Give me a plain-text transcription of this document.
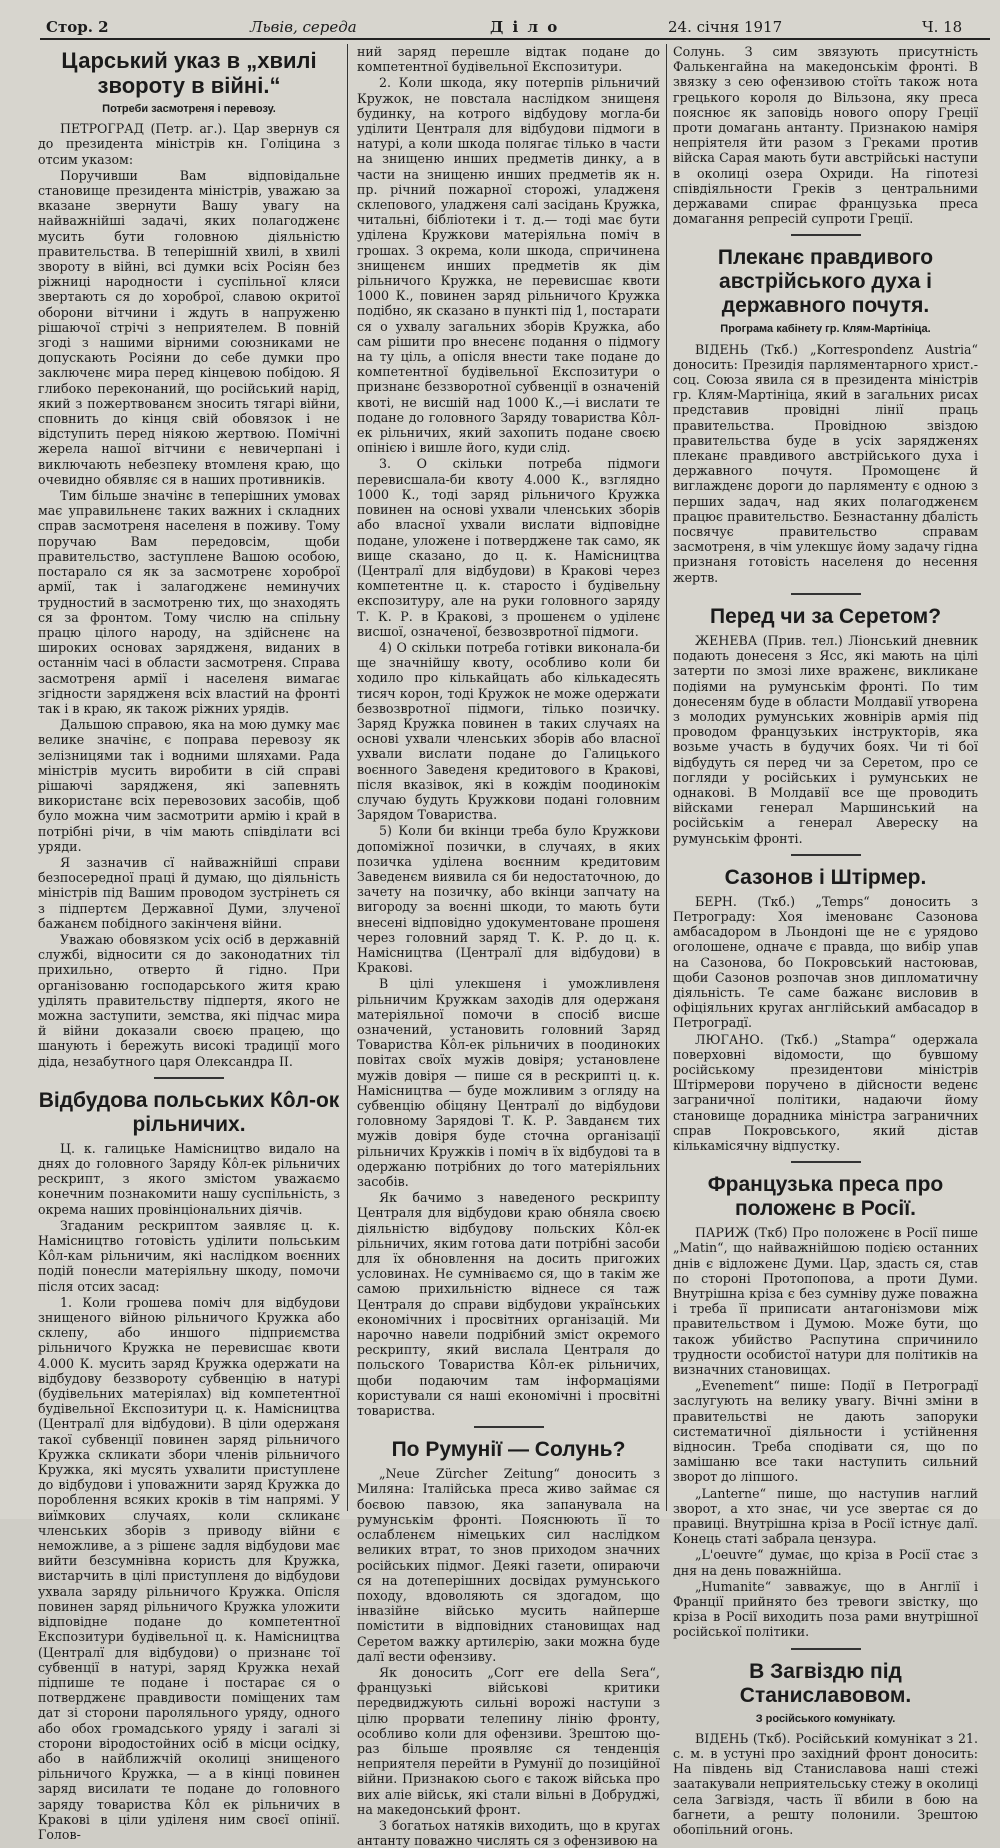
Стор. 2	Львів, середа	Д і л о	24. січня 1917	Ч. 18
Царський указ в „хвилі звороту в війні.“
Потреби засмотреня і перевозу.

ПЕТРОГРАД (Петр. аг.). Цар звернув ся до президента міністрів кн. Голіцина з отсим указом:

Поручивши Вам відповідальне становище президента міністрів, уважаю за вказане звернути Вашу увагу на найважнійші задачі, яких полагодженє мусить бути головною діяльністю правительства. В теперішній хвилі, в хвилі звороту в війні, всі думки всіх Росіян без ріжниці народности і суспільної кляси звертають ся до хороброї, славою окритої оборони вітчини і ждуть в напруженю рішаючої стрічі з неприятелем. В повній згоді з нашими вірними союзниками не допускають Росіяни до себе думки про заключенє мира перед кінцевою побідою. Я глибоко переконаний, що російський нарід, який з пожертвованєм зносить тягарі війни, сповнить до кінця свій обовязок і не відступить перед ніякою жертвою. Помічні жерела нашої вітчини є невичерпані і виключають небезпеку втомленя краю, що очевидно обявляє ся в наших противників.

Тим більше значінє в теперішних умовах має управильненє таких важних і складних справ засмотреня населеня в поживу. Тому поручаю Вам передовсім, щоби правительство, заступлене Вашою особою, постарало ся як за засмотренє хороброї армії, так і залагодженє неминучих трудностий в засмотреню тих, що знаходять ся за фронтом. Тому числю на спільну працю цілого народу, на здійсненє на широких основах зарядженя, виданих в останнім часі в области засмотреня. Справа засмотреня армії і населеня вимагає згідности зарядженя всіх властий на фронті так і в краю, як також ріжних урядів.

Дальшою справою, яка на мою думку має велике значінє, є поправа перевозу як зелізницями так і водними шляхами. Рада міністрів мусить виробити в сій справі рішаючі зарядженя, які запевнять використанє всіх перевозових засобів, щоб було можна чим засмотрити армію і край в потрібні річи, в чім мають співділати всі уряди.

Я зазначив сї найважнійші справи безпосередної праці й думаю, що діяльність міністрів під Вашим проводом зустрінеть ся з підпертєм Державної Думи, злученої бажанєм побідного закінченя війни.

Уважаю обовязком усіх осіб в державній службі, відносити ся до законодатних тіл прихильно, отверто й гідно. При організованю господарського житя краю уділять правительству підпертя, якого не можна заступити, земства, які підчас мира й війни доказали своєю працею, що шанують і бережуть високі традиції мого діда, незабутного царя Олександра II.

Відбудова польських Кôл-ок рільничих.

Ц. к. галицьке Намісництво видало на днях до головного Заряду Кôл-ек рільничих рескрипт, з якого змістом уважаємо конечним познакомити нашу суспільність, з окрема наших провінціональних діячів.

Згаданим рескриптом заявляє ц. к. Намісництво готовість уділити польським Кôл-кам рільничим, які наслідком воєнних подій понесли матеріяльну шкоду, помочи після отсих засад:

1. Коли грошева поміч для відбудови знищеного війною рільничого Кружка або склепу, або иншого підприємства рільничого Кружка не перевисшає квоти 4.000 К. мусить заряд Кружка одержати на відбудову беззвороту субвенцію в натурі (будівельних матеріялах) від компетентної будівельної Експозитури ц. к. Намісництва (Централї для відбудови). В ціли одержаня такої субвенції повинен заряд рільничого Кружка скликати збори членів рільничого Кружка, які мусять ухвалити приступлене до відбудови і уповажнити заряд Кружка до пороблення всяких кроків в тім напрямі. У виїмкових случаях, коли скликанє членських зборів з приводу війни є неможливе, а з рішенє задля відбудови має вийти безсумнівна користь для Кружка, вистарчить в цілі приступленя до відбудови ухвала заряду рільничого Кружка. Опісля повинен заряд рільничого Кружка уложити відповідне подане до компетентної Експозитури будівельної ц. к. Намісництва (Централї для відбудови) о признанє тої субвенції в натурі, заряд Кружка нехай підпише те подане і постарає ся о потвердженє правдивости поміщених там дат зі сторони пароляльного уряду, одного або обох громадського уряду і загалі зі сторони віродостойних осіб в місци осідку, або в найближчій околиці знищеного рільничого Кружка, — а в кінці повинен заряд висилати те подане до головного заряду товариства Кôл ек рільничих в Кракові в ціли уділеня ним своєї опінії. Голов-

ний заряд перешле відтак подане до компетентної будівельної Експозитури.

2. Коли шкода, яку потерпів рільничий Кружок, не повстала наслідком знищеня будинку, на котрого відбудову могла-би уділити Централя для відбудови підмоги в натурі, а коли шкода полягає тілько в части на знищеню инших предметів динку, а в части на знищеню инших предметів як н. пр. річний пожарної сторожі, уладженя склепового, уладженя салі засідань Кружка, читальні, бібліотеки і т. д.— тоді має бути уділена Кружкови матеріяльна поміч в грошах. З окрема, коли шкода, спричинена знищенєм инших предметів як дім рільничого Кружка, не перевисшає квоти 1000 К., повинен заряд рільничого Кружка подібно, як сказано в пункті під 1, постарати ся о ухвалу загальних зборів Кружка, або сам рішити про внесенє подання о підмогу на ту ціль, а опісля внести таке подане до компетентної будівельної Експозитури о признанє беззворотної субвенції в означеній квоті, не висшій над 1000 К.,—і вислати те подане до головного Заряду товариства Кôл-ек рільничих, який захопить подане своєю опінією і вишле його, куди слід.

3. О скільки потреба підмоги перевисшала-би квоту 4.000 К., взглядно 1000 К., тоді заряд рільничого Кружка повинен на основі ухвали членських зборів або власної ухвали вислати відповідне подане, уложене і потверджене так само, як вище сказано, до ц. к. Намісництва (Централї для відбудови) в Кракові через компетентне ц. к. старосто і будівельну експозитуру, але на руки головного заряду Т. К. Р. в Кракові, з прошенєм о уділенє висшої, означеної, безвозвротної підмоги.

4) О скільки потреба готівки виконала-би ще значнійшу квоту, особливо коли би ходило про кількайцать або кількадесять тисяч корон, тоді Кружок не може одержати безвозвротної підмоги, тілько позичку. Заряд Кружка повинен в таких случаях на основі ухвали членських зборів або власної ухвали вислати подане до Галицького воєнного Заведеня кредитового в Кракові, після вказівок, які в кождім поодинокім случаю будуть Кружкови подані головним Зарядом Товариства.

5) Коли би вкінци треба було Кружкови допоміжної позички, в случаях, в яких позичка уділена воєнним кредитовим Заведенєм виявила ся би недостаточною, до зачету на позичку, або вкінци запчату на вигороду за воєнні шкоди, то мають бути внесені відповідно удокументоване прошеня через головний заряд Т. К. Р. до ц. к. Намісництва (Централї для відбудови) в Кракові.

В цілі улекшеня і уможливленя рільничим Кружкам заходів для одержаня матеріяльної помочи в спосіб висше означений, установить головний Заряд Товариства Кôл-ек рільничих в поодиноких повітах своїх мужів довіря; установлене мужів довіря — пише ся в рескрипті ц. к. Намісництва — буде можливим з огляду на субвенцію обіцяну Централї до відбудови головному Зарядові Т. К. Р. Завданєм тих мужів довіря буде сточна організації рільничих Кружків і поміч в їх відбудові та в одержаню потрібних до того матеріяльних засобів.

Як бачимо з наведеного рескрипту Централя для відбудови краю обняла своєю діяльністю відбудову польских Кôл-ек рільничих, яким готова дати потрібні засоби для їх обновлення на досить пригожих условинах. Не сумніваємо ся, що в такім же самою прихильністю віднесе ся таж Централя до справи відбудови українських економічних і просвітних організацій. Ми нарочно навели подрібний зміст окремого рескрипту, який вислала Централя до польского Товариства Кôл-ек рільничих, щоби подаючим там інформаціями користували ся наші економічні і просвітні товариства.

По Румунії — Солунь?

„Neue Zürcher Zeitung“ доносить з Миляна: Італійська преса живо займає ся боєвою павзою, яка запанувала на румунськім фронті. Пояснюють її то ослабленєм німецьких сил наслідком великих втрат, то знов приходом значних російських підмог. Деякі газети, опираючи ся на дотеперішних досвідах румунського походу, вдоволяють ся здогадом, що інвазійне військо мусить найперше помістити в відповідних становищах над Серетом важку артилєрію, заки можна буде далї вести офензиву.

Як доносить „Corr ere della Sera“, французькі військові критики передвиджують сильні ворожі наступи з цілю прорвати телепину лінію фронту, особливо коли для офензиви. Зрештою що-раз більше проявляє ся тенденція неприятеля перейти в Румунії до позиційної війни. Признакою сього є також війська про вих аліе військ, які стали вільні в Добруджі, на македонський фронт.

З богатьох натяків виходить, що в кругах антанту поважно числять ся з офензивою на

Солунь. З сим звязують присутність Фалькенгайна на македонськім фронті. В звязку з сею офензивою стоїть також нота грецького короля до Вільзона, яку преса пояснює як заповідь нового опору Греції проти домагань антанту. Признакою наміря непріятеля йти разом з Греками против війска Сарая мають бути австрійські наступи в околиці озера Охриди. На гіпотезі співдіяльности Греків з центральними державами спирає французька преса домагання репресій супроти Греції.

Плеканє правдивого австрійського духа і державного почутя.
Програма кабінету гр. Клям-Мартініца.

ВІДЕНЬ (Ткб.) „Korrespondenz Austria“ доносить: Президія парляментарного христ.-соц. Союза явила ся в президента міністрів гр. Клям-Мартініца, який в загальних рисах представив провідні лінії праць правительства. Провідною звіздою правительства буде в усіх зарядженях плеканє правдивого австрійського духа і державного почутя. Промощенє й виглажденє дороги до парляменту є одною з перших задач, над яких полагодженєм працює правительство. Безнастанну дбалість посвячує правительство справам засмотреня, в чім улекшує йому задачу гідна признаня готовість населеня до несення жертв.

Перед чи за Серетом?

ЖЕНЕВА (Прив. тел.) Ліонський дневник подають донесеня з Ясс, які мають на цілі затерти по змозі лихе враженє, викликане подіями на румунськім фронті. По тим донесеням буде в области Молдавії утворена з молодих румунських жовнірів армія під проводом французьких інструкторів, яка возьме участь в будучих боях. Чи ті бої відбудуть ся перед чи за Серетом, про се погляди у російських і румунських не однакові. В Молдавії все ще проводить війсками генерал Маршинський на російськім а генерал Авереску на румунськім фронті.

Сазонов і Штірмер.

БЕРН. (Ткб.) „Temps“ доносить з Петрограду: Хоя іменованє Сазонова амбасадором в Льондоні ще не є урядово оголошене, одначе є правда, що вибір упав на Сазонова, бо Покровський настоював, щоби Сазонов розпочав знов дипломатичну діяльність. Те саме бажанє висловив в офіціяльних кругах англійський амбасадор в Петроградї.

ЛЮГАНО. (Ткб.) „Stampa“ одержала поверховні відомости, що бувшому російському президентови міністрів Штірмерови поручено в дійсности веденє заграничної політики, надаючи йому становище дорадника міністра заграничних справ Покровського, який дістав кількамісячну відпустку.

Французька преса про положенє в Росії.

ПАРИЖ (Ткб) Про положенє в Росії пише „Matin“, що найважнійшою подією останних днів є відложенє Думи. Цар, здасть ся, став по стороні Протопопова, а проти Думи. Внутрішна кріза є без сумніву дуже поважна і треба її приписати антагонізмови між правительством і Думою. Може бути, що також убийство Распутина спричинило трудности особистої натури для політиків на визначних становищах.

„Evenement“ пише: Події в Петроградї заслугують на велику увагу. Вічні зміни в правительстві не дають запоруки систематичної діяльности і устійнення відносин. Треба сподівати ся, що по замішаню все таки наступить сильний зворот до ліпшого.

„Lanterne“ пише, що наступив наглий зворот, а хто знає, чи усе звертає ся до правиці. Внутрішна кріза в Росії істнує далї. Конець статі забрала цензура.

„L'oeuvre“ думає, що кріза в Росії стає з дня на день поважнійша.

„Humanite“ завважує, що в Англії і Франції прийнято без тревоги звістку, що кріза в Росії виходить поза рами внутрішної російської політики.

В Загвіздю під Станиславовом.
З російського комунікату.

ВІДЕНЬ (Ткб). Російський комунікат з 21. с. м. в устуні про західний фронт доносить: На південь від Станиславова наші стежі заатакували неприятельську стежу в околиці села Загвіздя, часть її вбили в бою на багнети, а решту полонили. Зрештою обопільний огонь.
